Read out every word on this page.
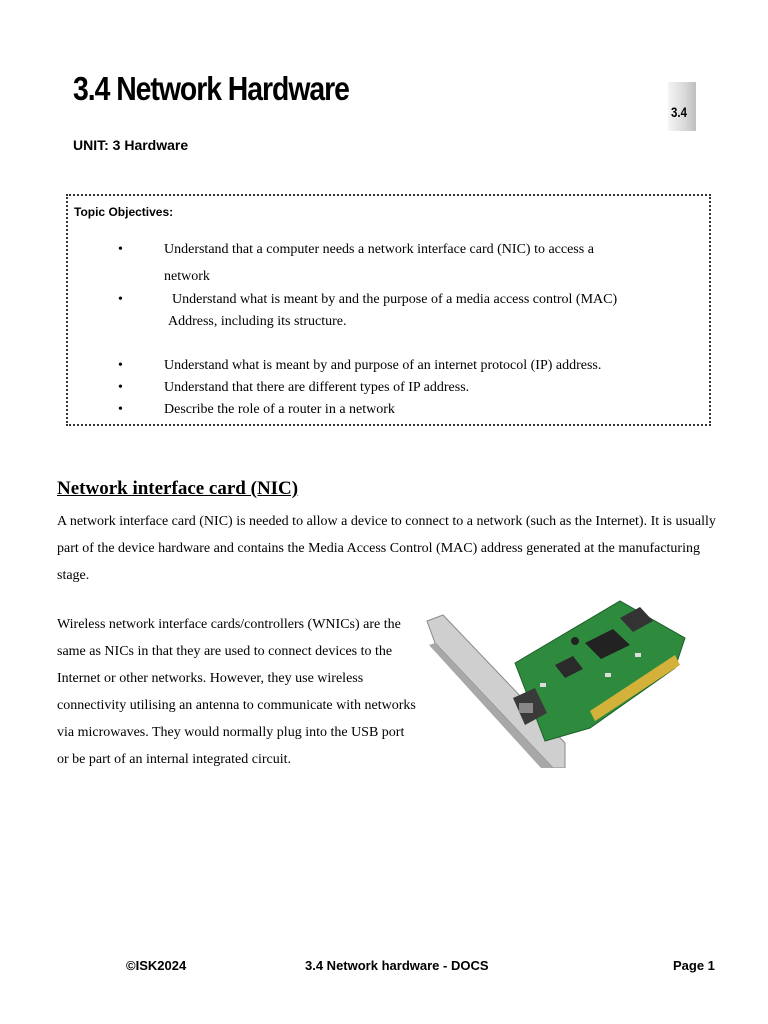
3.4 Network Hardware
3.4
UNIT: 3 Hardware
Topic Objectives:
•	Understand that a computer needs a network interface card (NIC) to access a
network
•	Understand what is meant by and the purpose of a media access control (MAC)
Address, including its structure.
•	Understand what is meant by and purpose of an internet protocol (IP) address.
•	Understand that there are different types of IP address.
•	Describe the role of a router in a network
Network interface card (NIC)
A network interface card (NIC) is needed to allow a device to connect to a network (such as the Internet). It is usually part of the device hardware and contains the Media Access Control (MAC) address generated at the manufacturing stage.
Wireless network interface cards/controllers (WNICs) are the same as NICs in that they are used to connect devices to the Internet or other networks. However, they use wireless connectivity utilising an antenna to communicate with networks via microwaves. They would normally plug into the USB port or be part of an internal integrated circuit.
©ISK2024	3.4 Network hardware - DOCS	Page 1
